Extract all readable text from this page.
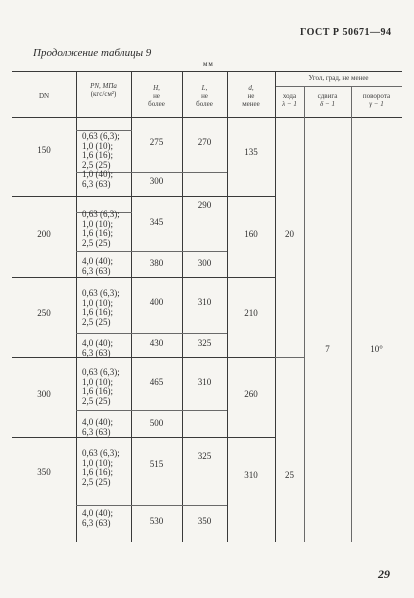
ГОСТ Р 50671—94
Продолжение таблицы 9
мм
DN
PN, МПа
(кгс/см²)
H,
не
более
L,
не
более
d,
не
менее
Угол, град, не менее
хода
λ − 1
сдвига
δ − 1
поворота
γ − 1
150
0,63 (6,3);
1,0 (10);
1,6 (16);
2,5 (25)
1,0 (40);
6,3 (63)
275
300
270
135
200
0,63 (6,3);
1,0 (10);
1,6 (16);
2,5 (25)
4,0 (40);
6,3 (63)
345
380
290
300
160
250
0,63 (6,3);
1,0 (10);
1,6 (16);
2,5 (25)
4,0 (40);
6,3 (63)
400
430
310
325
210
300
0,63 (6,3);
1,0 (10);
1,6 (16);
2,5 (25)
4,0 (40);
6,3 (63)
465
500
310
260
350
0,63 (6,3);
1,0 (10);
1,6 (16);
2,5 (25)
4,0 (40);
6,3 (63)
515
530
325
350
310
20
25
7	10°
29
